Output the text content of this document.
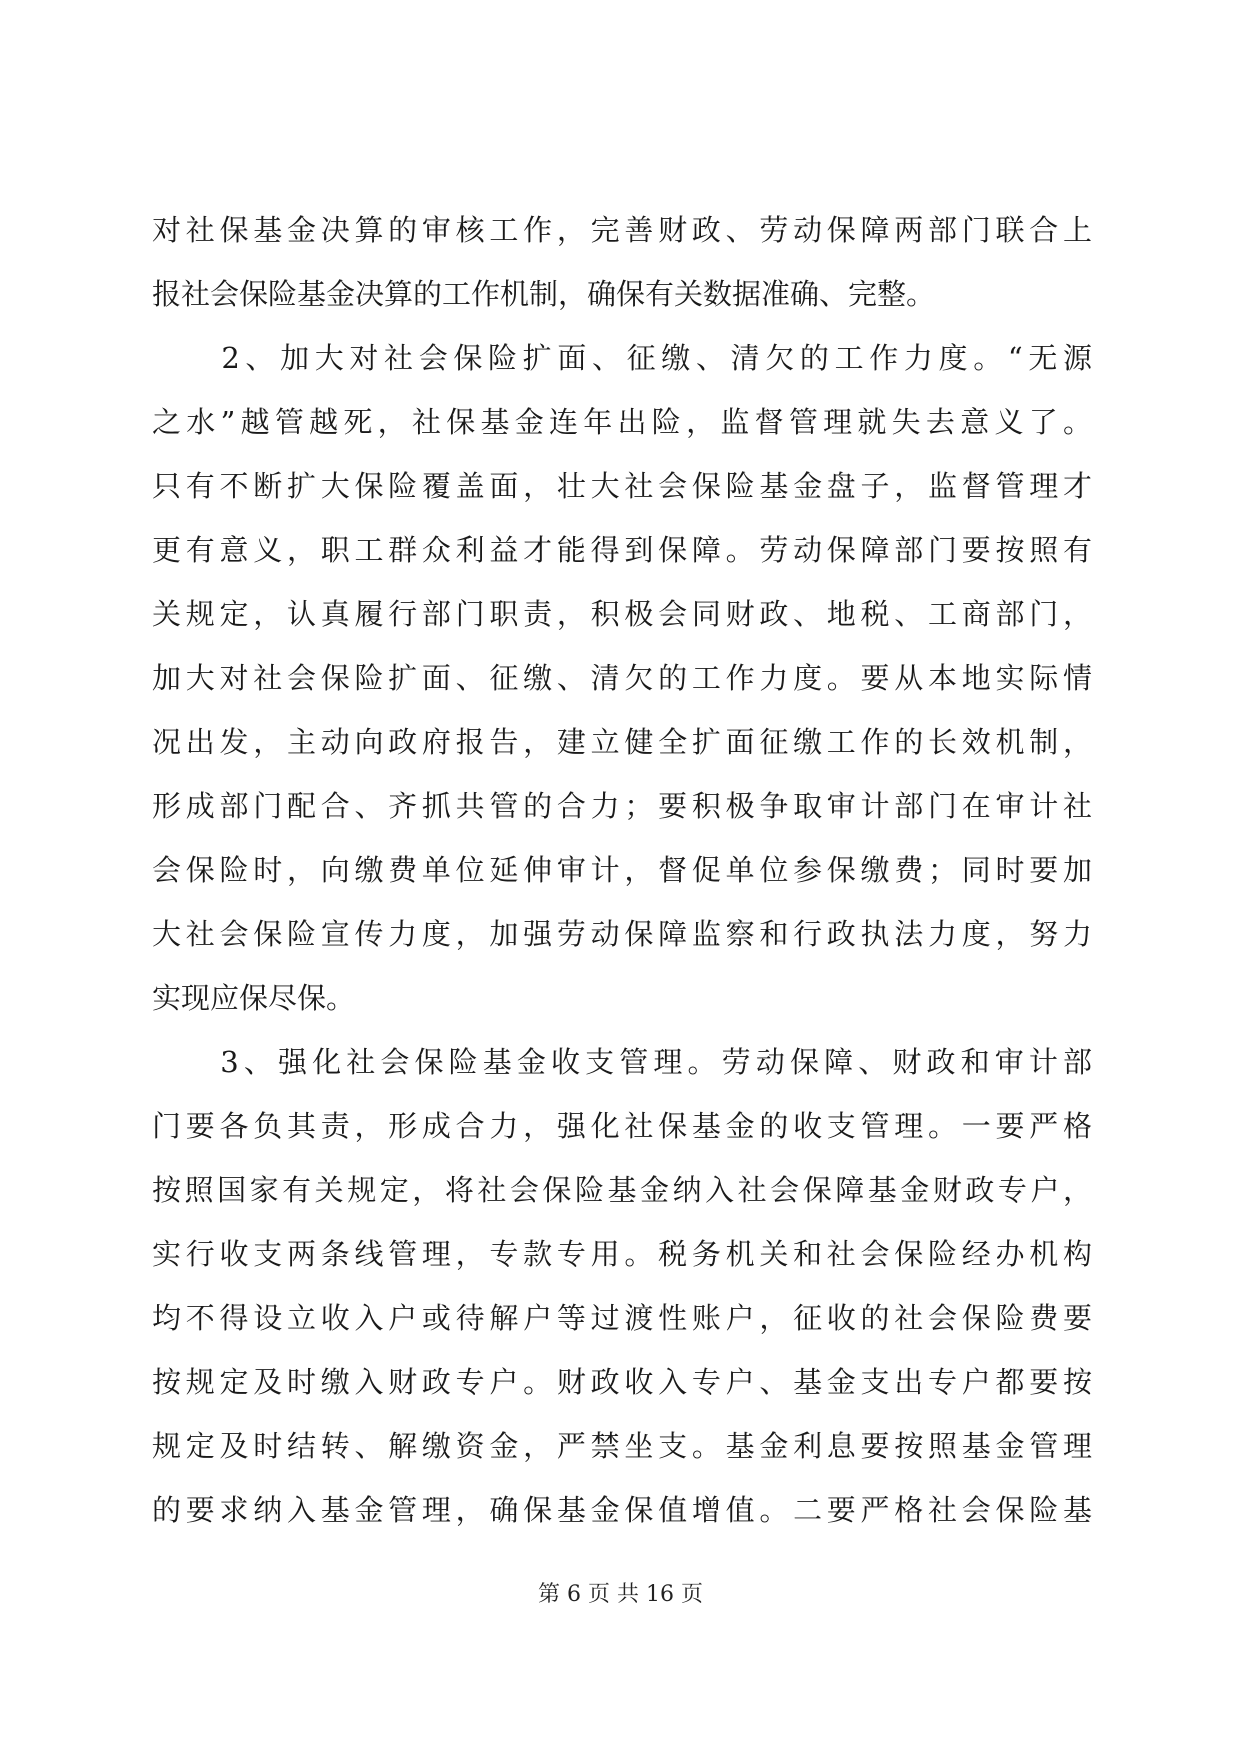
对社保基金决算的审核工作，完善财政、劳动保障两部门联合上
报社会保险基金决算的工作机制，确保有关数据准确、完整。
　　2、加大对社会保险扩面、征缴、清欠的工作力度。“无源
之水”越管越死，社保基金连年出险，监督管理就失去意义了。
只有不断扩大保险覆盖面，壮大社会保险基金盘子，监督管理才
更有意义，职工群众利益才能得到保障。劳动保障部门要按照有
关规定，认真履行部门职责，积极会同财政、地税、工商部门，
加大对社会保险扩面、征缴、清欠的工作力度。要从本地实际情
况出发，主动向政府报告，建立健全扩面征缴工作的长效机制，
形成部门配合、齐抓共管的合力；要积极争取审计部门在审计社
会保险时，向缴费单位延伸审计，督促单位参保缴费；同时要加
大社会保险宣传力度，加强劳动保障监察和行政执法力度，努力
实现应保尽保。
　　3、强化社会保险基金收支管理。劳动保障、财政和审计部
门要各负其责，形成合力，强化社保基金的收支管理。一要严格
按照国家有关规定，将社会保险基金纳入社会保障基金财政专户，
实行收支两条线管理，专款专用。税务机关和社会保险经办机构
均不得设立收入户或待解户等过渡性账户，征收的社会保险费要
按规定及时缴入财政专户。财政收入专户、基金支出专户都要按
规定及时结转、解缴资金，严禁坐支。基金利息要按照基金管理
的要求纳入基金管理，确保基金保值增值。二要严格社会保险基
第 6 页 共 16 页
